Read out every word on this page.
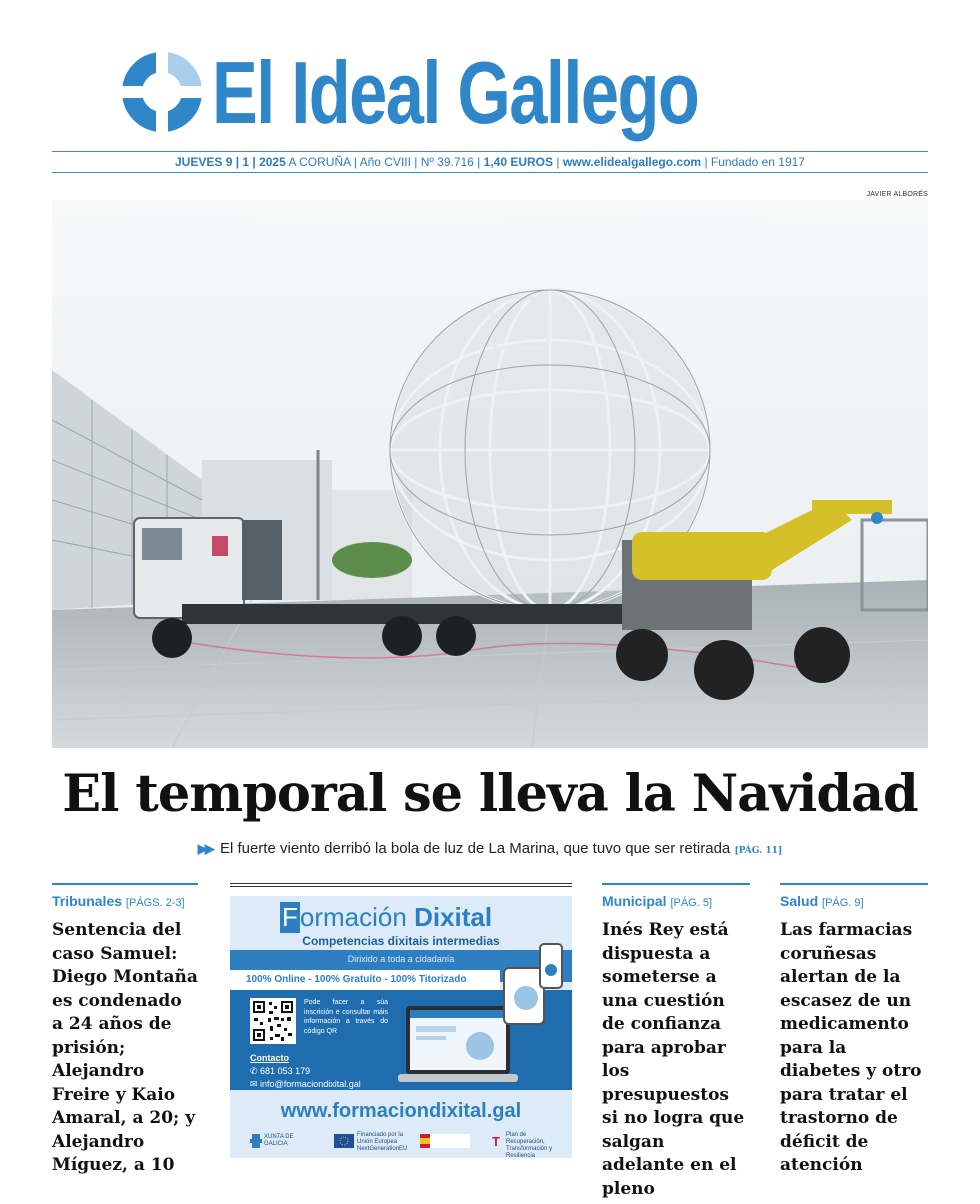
El Ideal Gallego
JUEVES 9 | 1 | 2025 A CORUÑA | Año CVIII | Nº 39.716 | 1,40 EUROS | www.elidealgallego.com | Fundado en 1917
JAVIER ALBORÉS
El temporal se lleva la Navidad
▶▶ El fuerte viento derribó la bola de luz de La Marina, que tuvo que ser retirada [PÁG. 11]
Tribunales [PÁGS. 2-3]
Sentencia del caso Samuel: Diego Montaña es condenado a 24 años de prisión; Alejandro Freire y Kaio Amaral, a 20; y Alejandro Míguez, a 10
Formación Dixital
Competencias dixitais intermedias
Dirixido a toda a cidadanía
100% Online - 100% Gratuíto - 100% Titorizado
Pode facer a súa inscrición e consultar máis información a través do código QR
Contacto
✆ 681 053 179
✉ info@formaciondixital.gal
www.formaciondixital.gal
XUNTA DE GALICIA
Financiado por la Unión Europea NextGenerationEU	T Plan de Recuperación, Transformación y Resiliencia
Municipal [PÁG. 5]
Inés Rey está dispuesta a someterse a una cuestión de confianza para aprobar los presupuestos si no logra que salgan adelante en el pleno
Salud [PÁG. 9]
Las farmacias coruñesas alertan de la escasez de un medicamento para la diabetes y otro para tratar el trastorno de déficit de atención
